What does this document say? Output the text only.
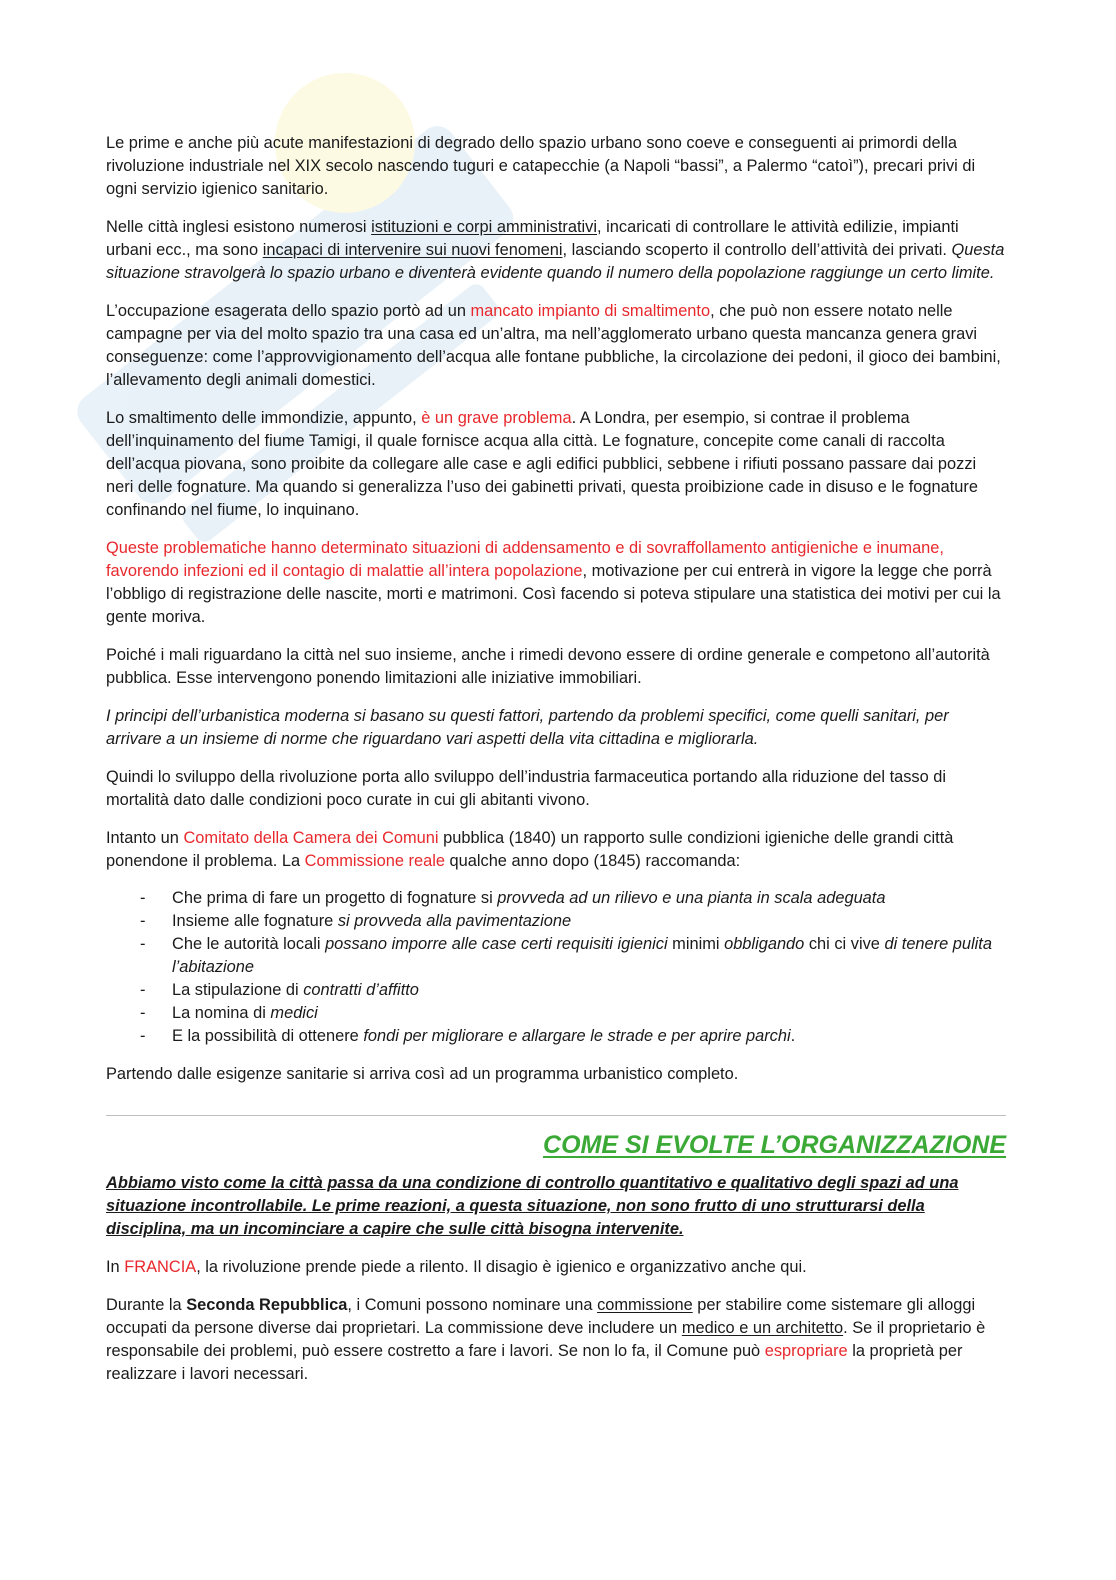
Le prime e anche più acute manifestazioni di degrado dello spazio urbano sono coeve e conseguenti ai primordi della rivoluzione industriale nel XIX secolo nascendo tuguri e catapecchie (a Napoli “bassi”, a Palermo “catoì”), precari privi di ogni servizio igienico sanitario.

Nelle città inglesi esistono numerosi istituzioni e corpi amministrativi, incaricati di controllare le attività edilizie, impianti urbani ecc., ma sono incapaci di intervenire sui nuovi fenomeni, lasciando scoperto il controllo dell’attività dei privati. Questa situazione stravolgerà lo spazio urbano e diventerà evidente quando il numero della popolazione raggiunge un certo limite.

L’occupazione esagerata dello spazio portò ad un mancato impianto di smaltimento, che può non essere notato nelle campagne per via del molto spazio tra una casa ed un’altra, ma nell’agglomerato urbano questa mancanza genera gravi conseguenze: come l’approvvigionamento dell’acqua alle fontane pubbliche, la circolazione dei pedoni, il gioco dei bambini, l’allevamento degli animali domestici.

Lo smaltimento delle immondizie, appunto, è un grave problema. A Londra, per esempio, si contrae il problema dell’inquinamento del fiume Tamigi, il quale fornisce acqua alla città. Le fognature, concepite come canali di raccolta dell’acqua piovana, sono proibite da collegare alle case e agli edifici pubblici, sebbene i rifiuti possano passare dai pozzi neri delle fognature. Ma quando si generalizza l’uso dei gabinetti privati, questa proibizione cade in disuso e le fognature confinando nel fiume, lo inquinano.

Queste problematiche hanno determinato situazioni di addensamento e di sovraffollamento antigieniche e inumane, favorendo infezioni ed il contagio di malattie all’intera popolazione, motivazione per cui entrerà in vigore la legge che porrà l’obbligo di registrazione delle nascite, morti e matrimoni. Così facendo si poteva stipulare una statistica dei motivi per cui la gente moriva.

Poiché i mali riguardano la città nel suo insieme, anche i rimedi devono essere di ordine generale e competono all’autorità pubblica. Esse intervengono ponendo limitazioni alle iniziative immobiliari.

I principi dell’urbanistica moderna si basano su questi fattori, partendo da problemi specifici, come quelli sanitari, per arrivare a un insieme di norme che riguardano vari aspetti della vita cittadina e migliorarla.

Quindi lo sviluppo della rivoluzione porta allo sviluppo dell’industria farmaceutica portando alla riduzione del tasso di mortalità dato dalle condizioni poco curate in cui gli abitanti vivono.

Intanto un Comitato della Camera dei Comuni pubblica (1840) un rapporto sulle condizioni igieniche delle grandi città ponendone il problema. La Commissione reale qualche anno dopo (1845) raccomanda:

- Che prima di fare un progetto di fognature si provveda ad un rilievo e una pianta in scala adeguata
- Insieme alle fognature si provveda alla pavimentazione
- Che le autorità locali possano imporre alle case certi requisiti igienici minimi obbligando chi ci vive di tenere pulita l’abitazione
- La stipulazione di contratti d’affitto
- La nomina di medici
- E la possibilità di ottenere fondi per migliorare e allargare le strade e per aprire parchi.

Partendo dalle esigenze sanitarie si arriva così ad un programma urbanistico completo.

COME SI EVOLTE L’ORGANIZZAZIONE

Abbiamo visto come la città passa da una condizione di controllo quantitativo e qualitativo degli spazi ad una situazione incontrollabile. Le prime reazioni, a questa situazione, non sono frutto di uno strutturarsi della disciplina, ma un incominciare a capire che sulle città bisogna intervenite.

In FRANCIA, la rivoluzione prende piede a rilento. Il disagio è igienico e organizzativo anche qui.

Durante la Seconda Repubblica, i Comuni possono nominare una commissione per stabilire come sistemare gli alloggi occupati da persone diverse dai proprietari. La commissione deve includere un medico e un architetto. Se il proprietario è responsabile dei problemi, può essere costretto a fare i lavori. Se non lo fa, il Comune può espropriare la proprietà per realizzare i lavori necessari.
